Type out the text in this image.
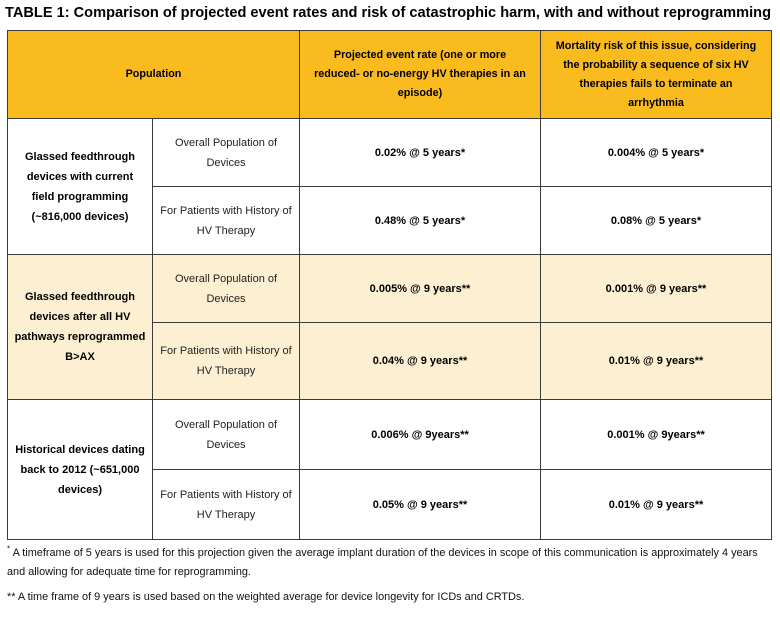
TABLE 1: Comparison of projected event rates and risk of catastrophic harm, with and without reprogramming
Population		Projected event rate (one or more reduced- or no-energy HV therapies in an episode)	Mortality risk of this issue, considering the probability a sequence of six HV therapies fails to terminate an arrhythmia
Glassed feedthrough devices with current field programming (~816,000 devices)	Overall Population of Devices	0.02% @ 5 years*	0.004% @ 5 years*
	For Patients with History of HV Therapy	0.48% @ 5 years*	0.08% @ 5 years*
Glassed feedthrough devices after all HV pathways reprogrammed B>AX	Overall Population of Devices	0.005% @ 9 years**	0.001% @ 9 years**
	For Patients with History of HV Therapy	0.04% @ 9 years**	0.01% @ 9 years**
Historical devices dating back to 2012 (~651,000 devices)	Overall Population of Devices	0.006% @ 9years**	0.001% @ 9years**
	For Patients with History of HV Therapy	0.05% @ 9 years**	0.01% @ 9 years**

* A timeframe of 5 years is used for this projection given the average implant duration of the devices in scope of this communication is approximately 4 years and allowing for adequate time for reprogramming.

** A time frame of 9 years is used based on the weighted average for device longevity for ICDs and CRTDs.
